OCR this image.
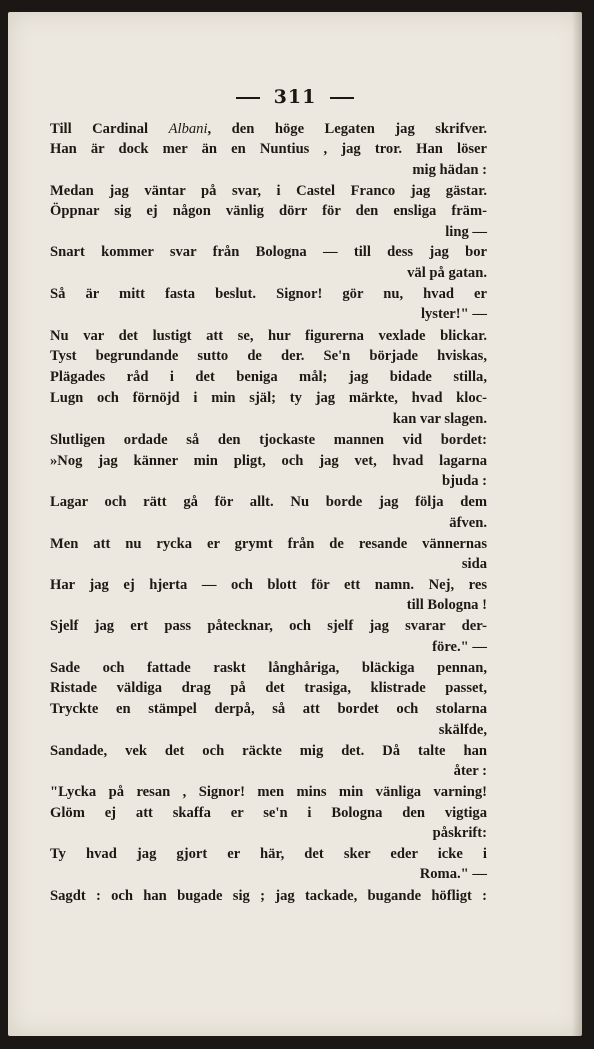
311
Till Cardinal Albani, den höge Legaten jag skrifver.
Han är dock mer än en Nuntius , jag tror. Han löser
mig hädan :
Medan jag väntar på svar, i Castel Franco jag gästar.
Öppnar sig ej någon vänlig dörr för den ensliga främ-
ling —
Snart kommer svar från Bologna — till dess jag bor
väl på gatan.
Så är mitt fasta beslut. Signor! gör nu, hvad er
lyster!" —
Nu var det lustigt att se, hur figurerna vexlade blickar.
Tyst begrundande sutto de der. Se'n började hviskas,
Plägades råd i det beniga mål; jag bidade stilla,
Lugn och förnöjd i min själ; ty jag märkte, hvad kloc-
kan var slagen.
Slutligen ordade så den tjockaste mannen vid bordet:
»Nog jag känner min pligt, och jag vet, hvad lagarna
bjuda :
Lagar och rätt gå för allt. Nu borde jag följa dem
äfven.
Men att nu rycka er grymt från de resande vännernas
sida
Har jag ej hjerta — och blott för ett namn. Nej, res
till Bologna !
Sjelf jag ert pass påtecknar, och sjelf jag svarar der-
före." —
Sade och fattade raskt långhåriga, bläckiga pennan,
Ristade väldiga drag på det trasiga, klistrade passet,
Tryckte en stämpel derpå, så att bordet och stolarna
skälfde,
Sandade, vek det och räckte mig det. Då talte han
åter :
"Lycka på resan , Signor! men mins min vänliga varning!
Glöm ej att skaffa er se'n i Bologna den vigtiga
påskrift:
Ty hvad jag gjort er här, det sker eder icke i
Roma." —
Sagdt : och han bugade sig ; jag tackade, bugande höfligt :
